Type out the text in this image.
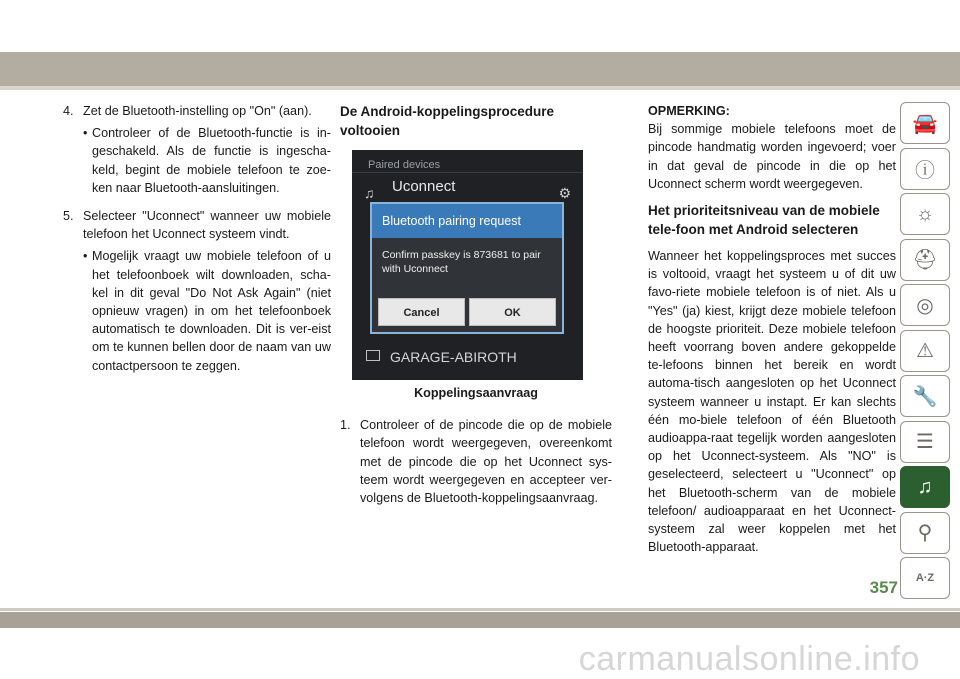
4. Zet de Bluetooth-instelling op "On" (aan).
• Controleer of de Bluetooth-functie is in-geschakeld. Als de functie is ingescha-keld, begint de mobiele telefoon te zoe-ken naar Bluetooth-aansluitingen.
5. Selecteer "Uconnect" wanneer uw mobiele telefoon het Uconnect systeem vindt.
• Mogelijk vraagt uw mobiele telefoon of u het telefoonboek wilt downloaden, scha-kel in dit geval "Do Not Ask Again" (niet opnieuw vragen) in om het telefoonboek automatisch te downloaden. Dit is ver-eist om te kunnen bellen door de naam van uw contactpersoon te zeggen.
De Android-koppelingsprocedure voltooien
Paired devices
♫ Uconnect	⚙
Bluetooth pairing request
Confirm passkey is 873681 to pair with Uconnect
Cancel	OK
GARAGE-ABIROTH
Koppelingsaanvraag
1. Controleer of de pincode die op de mobiele telefoon wordt weergegeven, overeenkomt met de pincode die op het Uconnect sys-teem wordt weergegeven en accepteer ver-volgens de Bluetooth-koppelingsaanvraag.
OPMERKING:
Bij sommige mobiele telefoons moet de pincode handmatig worden ingevoerd; voer in dat geval de pincode in die op het Uconnect scherm wordt weergegeven.
Het prioriteitsniveau van de mobiele tele-foon met Android selecteren
Wanneer het koppelingsproces met succes is voltooid, vraagt het systeem u of dit uw favo-riete mobiele telefoon is of niet. Als u "Yes" (ja) kiest, krijgt deze mobiele telefoon de hoogste prioriteit. Deze mobiele telefoon heeft voorrang boven andere gekoppelde te-lefoons binnen het bereik en wordt automa-tisch aangesloten op het Uconnect systeem wanneer u instapt. Er kan slechts één mo-biele telefoon of één Bluetooth audioappa-raat tegelijk worden aangesloten op het Uconnect-systeem. Als "NO" is geselecteerd, selecteert u "Uconnect" op het Bluetooth-scherm van de mobiele telefoon/ audioapparaat en het Uconnect-systeem zal weer koppelen met het Bluetooth-apparaat.
🚘
ⓘ
☼
⛑
◎
⚠
🔧
☰
♫
⚲
A·Z
357
carmanualsonline.info
